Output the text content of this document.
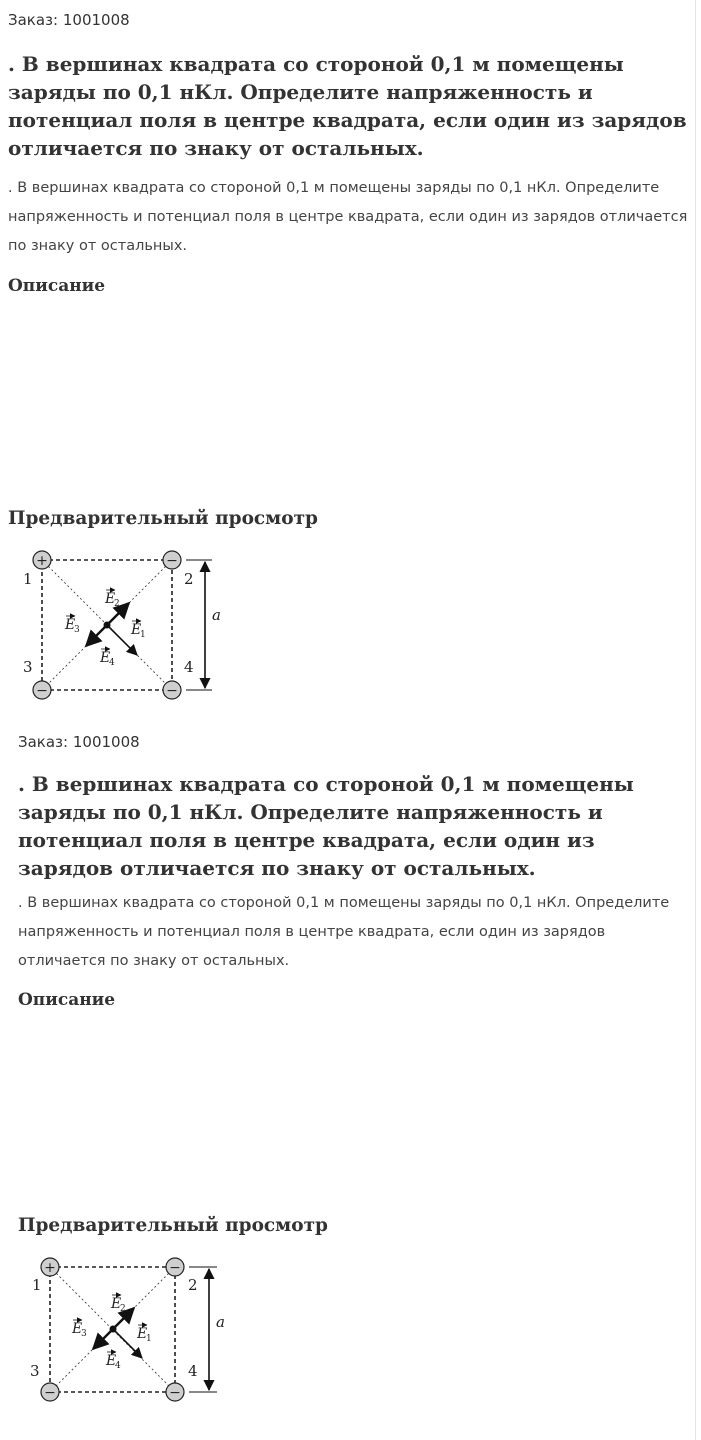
Заказ: 1001008
. В вершинах квадрата со стороной 0,1 м помещены заряды по 0,1 нКл. Определите напряженность и потенциал поля в центре квадрата, если один из зарядов отличается по знаку от остальных.

. В вершинах квадрата со стороной 0,1 м помещены заряды по 0,1 нКл. Определите напряженность и потенциал поля в центре квадрата, если один из зарядов отличается по знаку от остальных.

Описание
Предварительный просмотр
+	−
−	−
1	2
3	4
a
E
2
E
3	E
1
E
4
Заказ: 1001008
. В вершинах квадрата со стороной 0,1 м помещены заряды по 0,1 нКл. Определите напряженность и потенциал поля в центре квадрата, если один из зарядов отличается по знаку от остальных.

. В вершинах квадрата со стороной 0,1 м помещены заряды по 0,1 нКл. Определите напряженность и потенциал поля в центре квадрата, если один из зарядов отличается по знаку от остальных.

Описание
Предварительный просмотр
+	−
−	−
1	2
3	4
a
E
2
E
3	E
1
E
4
